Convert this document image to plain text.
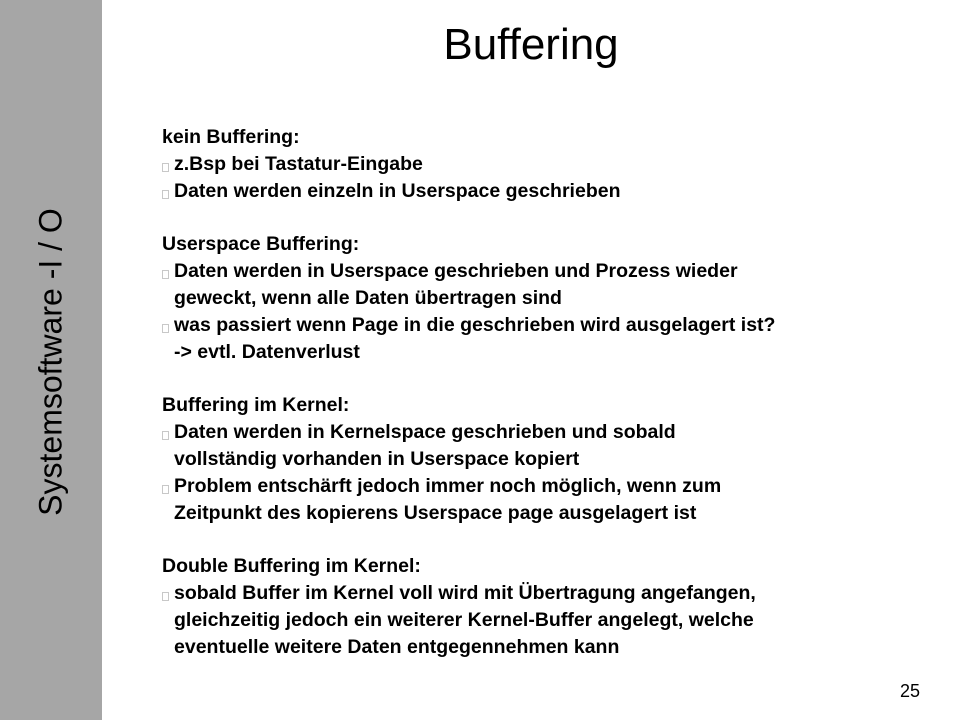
Systemsoftware -I / O
Buffering
kein Buffering:
z.Bsp bei Tastatur-Eingabe
Daten werden einzeln in Userspace geschrieben
Userspace Buffering:
Daten werden in Userspace geschrieben und Prozess wieder
geweckt, wenn alle Daten übertragen sind
was passiert wenn Page in die geschrieben wird ausgelagert ist?
-> evtl. Datenverlust
Buffering im Kernel:
Daten werden in Kernelspace geschrieben und sobald
vollständig vorhanden in Userspace kopiert
Problem entschärft jedoch immer noch möglich, wenn zum
Zeitpunkt des kopierens Userspace page ausgelagert ist
Double Buffering im Kernel:
sobald Buffer im Kernel voll wird mit Übertragung angefangen,
gleichzeitig jedoch ein weiterer Kernel-Buffer angelegt, welche
eventuelle weitere Daten entgegennehmen kann
25
